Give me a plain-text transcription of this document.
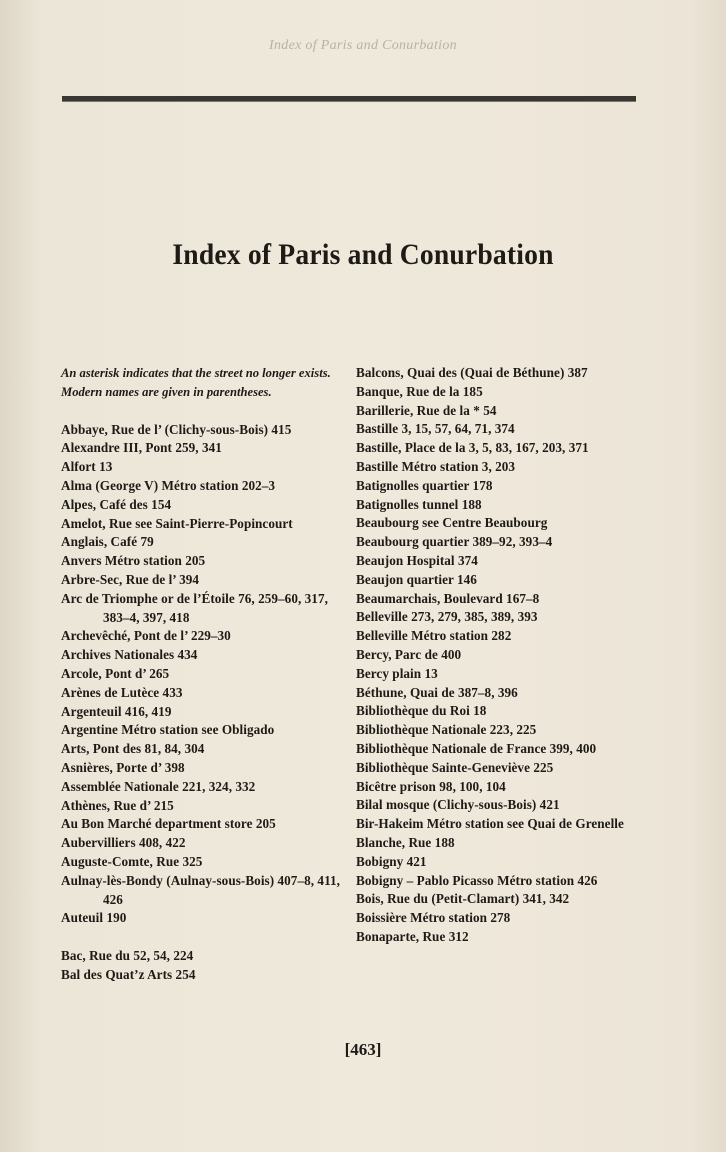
Index of Paris and Conurbation
Index of Paris and Conurbation
An asterisk indicates that the street no longer exists. Modern names are given in parentheses.
Abbaye, Rue de l’ (Clichy-sous-Bois) 415
Alexandre III, Pont 259, 341
Alfort 13
Alma (George V) Métro station 202–3
Alpes, Café des 154
Amelot, Rue see Saint-Pierre-Popincourt
Anglais, Café 79
Anvers Métro station 205
Arbre-Sec, Rue de l’ 394
Arc de Triomphe or de l’Étoile 76, 259–60, 317, 383–4, 397, 418
Archevêché, Pont de l’ 229–30
Archives Nationales 434
Arcole, Pont d’ 265
Arènes de Lutèce 433
Argenteuil 416, 419
Argentine Métro station see Obligado
Arts, Pont des 81, 84, 304
Asnières, Porte d’ 398
Assemblée Nationale 221, 324, 332
Athènes, Rue d’ 215
Au Bon Marché department store 205
Aubervilliers 408, 422
Auguste-Comte, Rue 325
Aulnay-lès-Bondy (Aulnay-sous-Bois) 407–8, 411, 426
Auteuil 190
Bac, Rue du 52, 54, 224
Bal des Quat’z Arts 254
Balcons, Quai des (Quai de Béthune) 387
Banque, Rue de la 185
Barillerie, Rue de la * 54
Bastille 3, 15, 57, 64, 71, 374
Bastille, Place de la 3, 5, 83, 167, 203, 371
Bastille Métro station 3, 203
Batignolles quartier 178
Batignolles tunnel 188
Beaubourg see Centre Beaubourg
Beaubourg quartier 389–92, 393–4
Beaujon Hospital 374
Beaujon quartier 146
Beaumarchais, Boulevard 167–8
Belleville 273, 279, 385, 389, 393
Belleville Métro station 282
Bercy, Parc de 400
Bercy plain 13
Béthune, Quai de 387–8, 396
Bibliothèque du Roi 18
Bibliothèque Nationale 223, 225
Bibliothèque Nationale de France 399, 400
Bibliothèque Sainte-Geneviève 225
Bicêtre prison 98, 100, 104
Bilal mosque (Clichy-sous-Bois) 421
Bir-Hakeim Métro station see Quai de Grenelle
Blanche, Rue 188
Bobigny 421
Bobigny – Pablo Picasso Métro station 426
Bois, Rue du (Petit-Clamart) 341, 342
Boissière Métro station 278
Bonaparte, Rue 312
[463]
